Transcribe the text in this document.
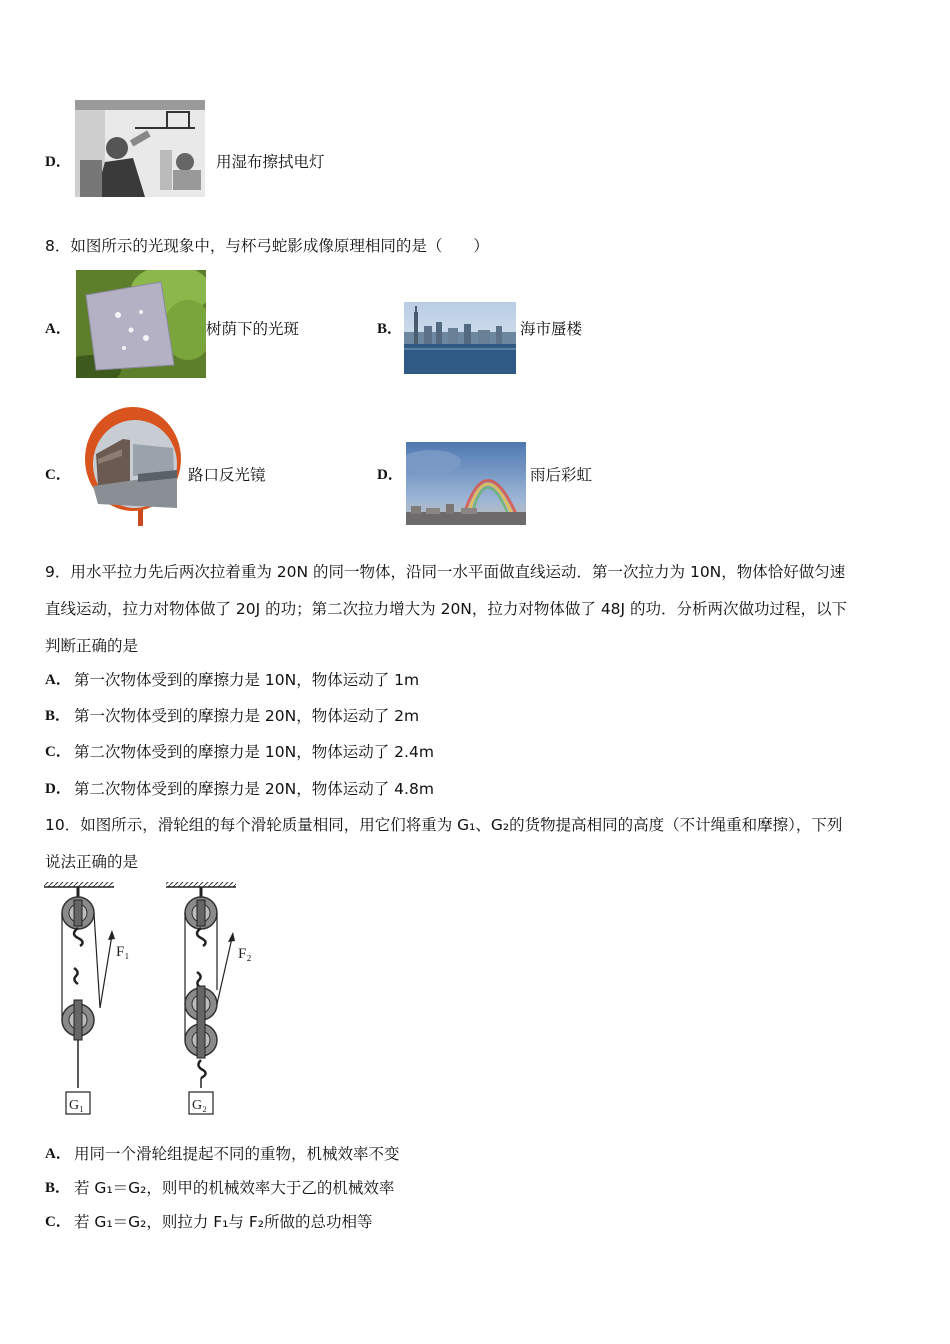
D．	用湿布擦拭电灯
8．如图所示的光现象中，与杯弓蛇影成像原理相同的是（　　）
A．	树荫下的光斑	B．	海市蜃楼
C．	路口反光镜	D．	雨后彩虹
9．用水平拉力先后两次拉着重为 20N 的同一物体，沿同一水平面做直线运动．第一次拉力为 10N，物体恰好做匀速
直线运动，拉力对物体做了 20J 的功；第二次拉力增大为 20N，拉力对物体做了 48J 的功．分析两次做功过程，以下
判断正确的是
A． 第一次物体受到的摩擦力是 10N，物体运动了 1m
B． 第一次物体受到的摩擦力是 20N，物体运动了 2m
C． 第二次物体受到的摩擦力是 10N，物体运动了 2.4m
D． 第二次物体受到的摩擦力是 20N，物体运动了 4.8m
10．如图所示，滑轮组的每个滑轮质量相同，用它们将重为 G₁、G₂的货物提高相同的高度（不计绳重和摩擦），下列
说法正确的是
F₁
G₁
F₂
G₂
A． 用同一个滑轮组提起不同的重物，机械效率不变
B． 若 G₁＝G₂，则甲的机械效率大于乙的机械效率
C． 若 G₁＝G₂，则拉力 F₁与 F₂所做的总功相等
